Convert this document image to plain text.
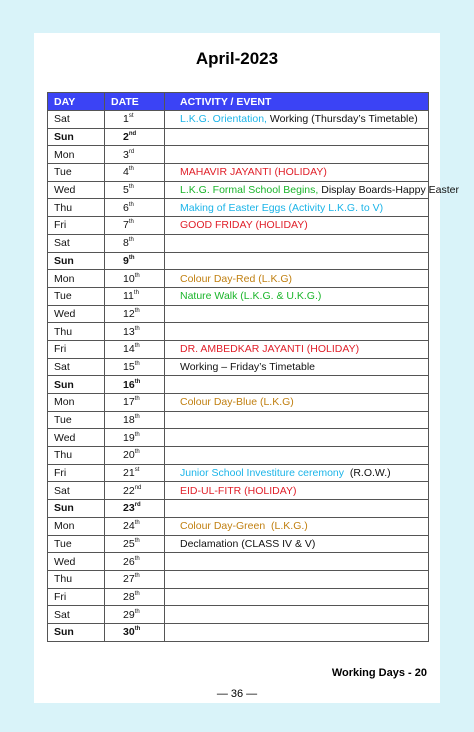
April-2023
DAY	DATE	ACTIVITY / EVENT
Sat	1st	L.K.G. Orientation, Working (Thursday’s Timetable)
Sun	2nd	
Mon	3rd	
Tue	4th	MAHAVIR JAYANTI (HOLIDAY)
Wed	5th	L.K.G. Formal School Begins, Display Boards-Happy Easter
Thu	6th	Making of Easter Eggs (Activity L.K.G. to V)
Fri	7th	GOOD FRIDAY (HOLIDAY)
Sat	8th	
Sun	9th	
Mon	10th	Colour Day-Red (L.K.G)
Tue	11th	Nature Walk (L.K.G. & U.K.G.)
Wed	12th	
Thu	13th	
Fri	14th	DR. AMBEDKAR JAYANTI (HOLIDAY)
Sat	15th	Working – Friday’s Timetable
Sun	16th	
Mon	17th	Colour Day-Blue (L.K.G)
Tue	18th	
Wed	19th	
Thu	20th	
Fri	21st	Junior School Investiture ceremony  (R.O.W.)
Sat	22nd	EID-UL-FITR (HOLIDAY)
Sun	23rd	
Mon	24th	Colour Day-Green  (L.K.G.)
Tue	25th	Declamation (CLASS IV & V)
Wed	26th	
Thu	27th	
Fri	28th	
Sat	29th	
Sun	30th	
Working Days - 20
— 36 —
